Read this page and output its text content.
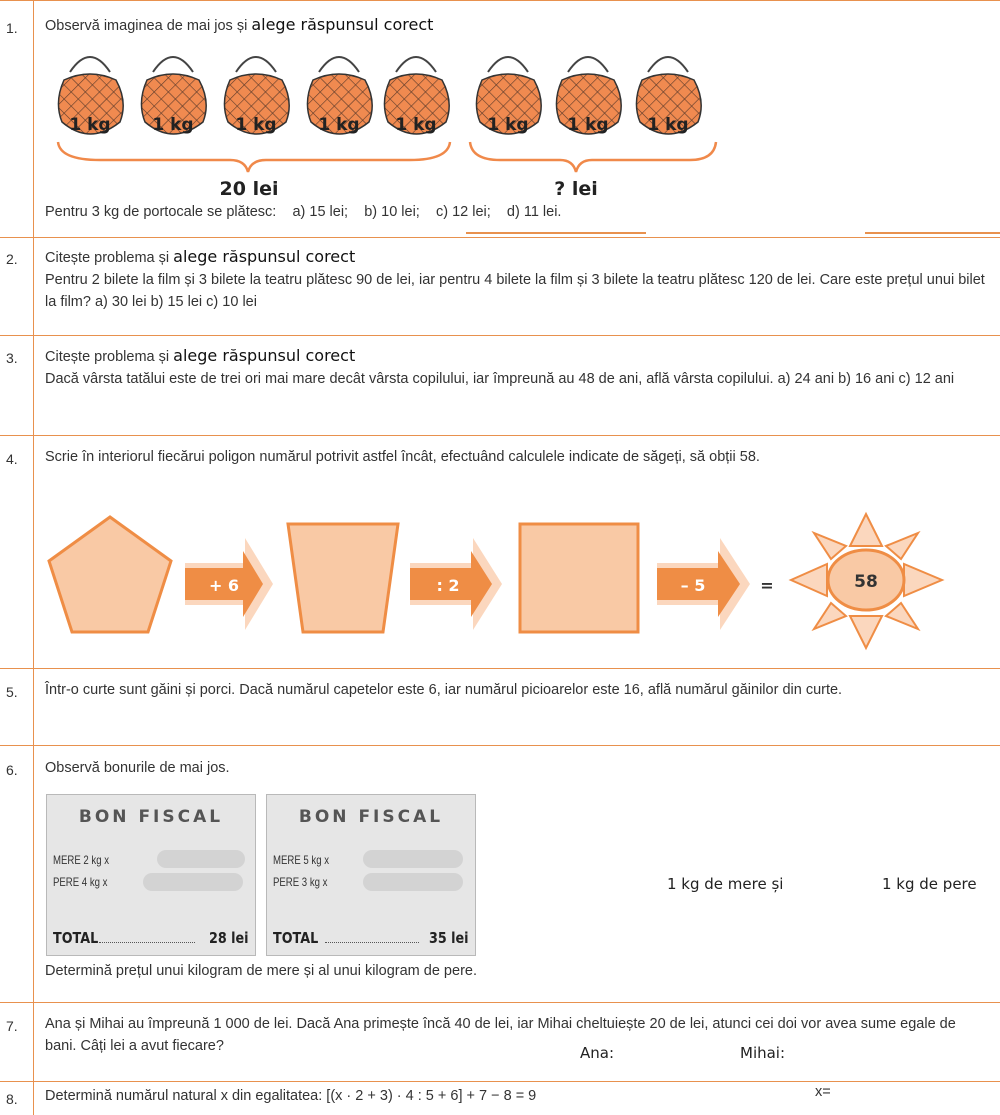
1. Observă imaginea de mai jos și alege răspunsul corect
1 kg 1 kg 1 kg 1 kg 1 kg	1 kg 1 kg 1 kg
20 lei	? lei
Pentru 3 kg de portocale se plătesc: a) 15 lei; b) 10 lei; c) 12 lei; d) 11 lei.
2. Citește problema și alege răspunsul corect
Pentru 2 bilete la film și 3 bilete la teatru plătesc 90 de lei, iar pentru 4 bilete la film și 3 bilete la teatru plătesc 120 de lei. Care este prețul unui bilet la film? a) 30 lei b) 15 lei c) 10 lei
3. Citește problema și alege răspunsul corect
Dacă vârsta tatălui este de trei ori mai mare decât vârsta copilului, iar împreună au 48 de ani, află vârsta copilului. a) 24 ani b) 16 ani c) 12 ani
4. Scrie în interiorul fiecărui poligon numărul potrivit astfel încât, efectuând calculele indicate de săgeți, să obții 58.
+ 6	: 2	– 5	=	58
5. Într-o curte sunt găini și porci. Dacă numărul capetelor este 6, iar numărul picioarelor este 16, află numărul găinilor din curte.
6. Observă bonurile de mai jos.
BON FISCAL
MERE 2 kg x
PERE 4 kg x
TOTAL	28 lei
BON FISCAL
MERE 5 kg x
PERE 3 kg x
TOTAL	35 lei
1 kg de mere și	1 kg de pere
Determină prețul unui kilogram de mere și al unui kilogram de pere.
7. Ana și Mihai au împreună 1 000 de lei. Dacă Ana primește încă 40 de lei, iar Mihai cheltuiește 20 de lei, atunci cei doi vor avea sume egale de bani. Câți lei a avut fiecare?	Ana:	Mihai:
8. Determină numărul natural x din egalitatea: [(x · 2 + 3) · 4 : 5 + 6] + 7 − 8 = 9	x=
